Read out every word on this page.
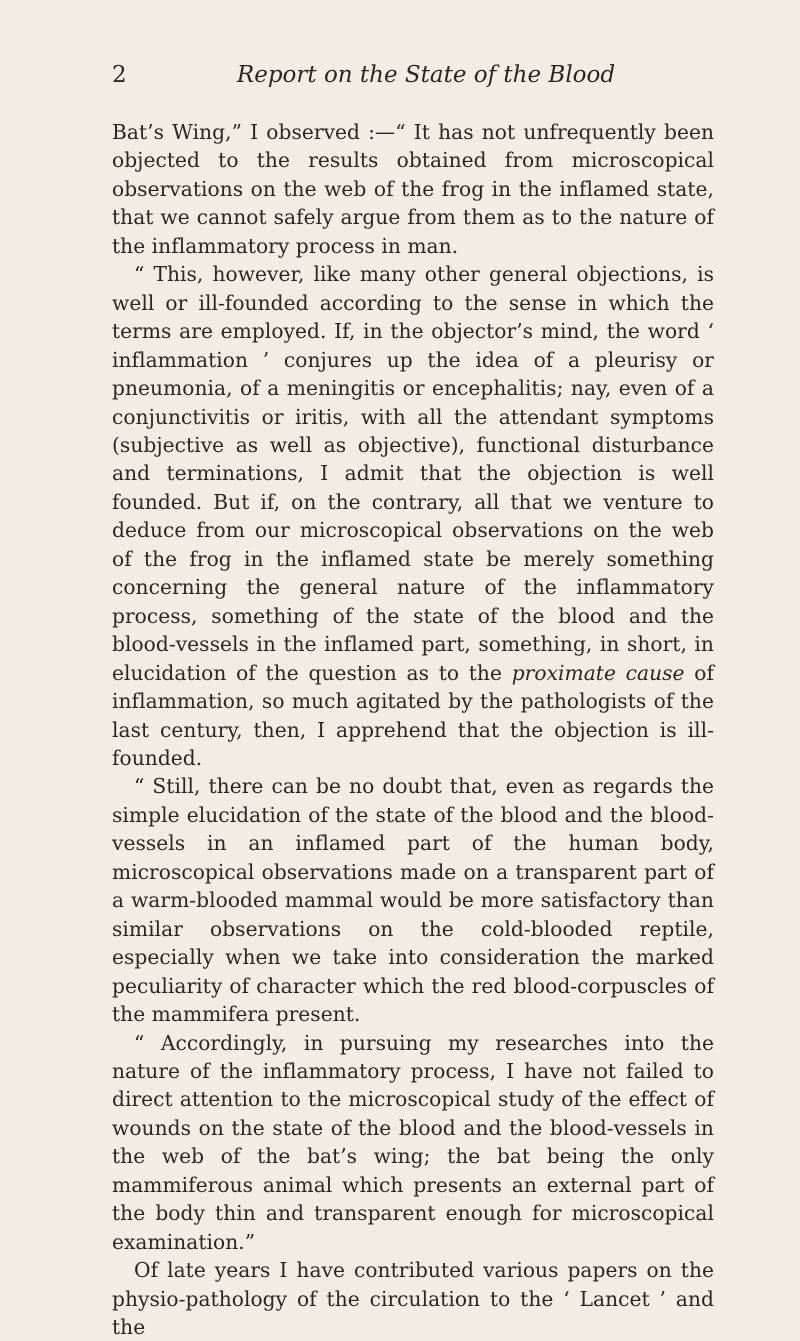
2	Report on the State of the Blood

Bat’s Wing,” I observed :—“ It has not unfrequently been objected to the results obtained from microscopical observations on the web of the frog in the inflamed state, that we cannot safely argue from them as to the nature of the inflammatory process in man.

“ This, however, like many other general objections, is well or ill-founded according to the sense in which the terms are employed. If, in the objector’s mind, the word ‘ inflammation ’ conjures up the idea of a pleurisy or pneumonia, of a meningitis or encephalitis; nay, even of a conjunctivitis or iritis, with all the attendant symptoms (subjective as well as objective), functional disturbance and terminations, I admit that the objection is well founded. But if, on the contrary, all that we venture to deduce from our microscopical observations on the web of the frog in the inflamed state be merely something concerning the general nature of the inflammatory process, something of the state of the blood and the blood-vessels in the inflamed part, something, in short, in elucidation of the question as to the proximate cause of inflammation, so much agitated by the pathologists of the last century, then, I apprehend that the objection is ill-founded.

“ Still, there can be no doubt that, even as regards the simple elucidation of the state of the blood and the blood-vessels in an inflamed part of the human body, microscopical observations made on a transparent part of a warm-blooded mammal would be more satisfactory than similar observations on the cold-blooded reptile, especially when we take into consideration the marked peculiarity of character which the red blood-corpuscles of the mammifera present.

“ Accordingly, in pursuing my researches into the nature of the inflammatory process, I have not failed to direct attention to the microscopical study of the effect of wounds on the state of the blood and the blood-vessels in the web of the bat’s wing; the bat being the only mammiferous animal which presents an external part of the body thin and transparent enough for microscopical examination.”

Of late years I have contributed various papers on the physio-pathology of the circulation to the ‘ Lancet ’ and the
